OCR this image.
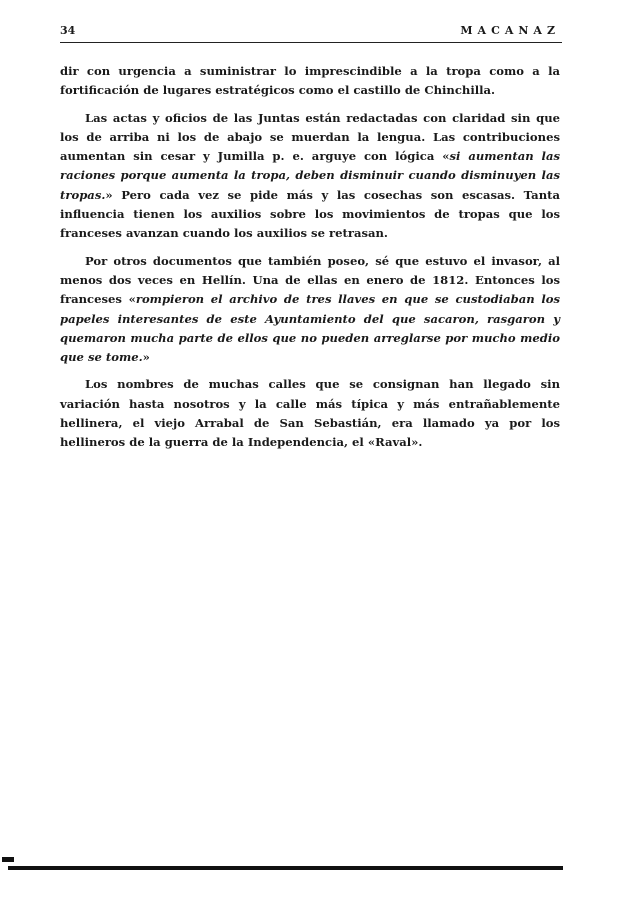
34	MACANAZ

dir con urgencia a suministrar lo imprescindible a la tropa como a la fortificación de lugares estratégicos como el castillo de Chinchilla.

Las actas y oficios de las Juntas están redactadas con claridad sin que los de arriba ni los de abajo se muerdan la lengua. Las contribuciones aumentan sin cesar y Jumilla p. e. arguye con lógica «si aumentan las raciones porque aumenta la tropa, deben disminuir cuando disminuyen las tropas.» Pero cada vez se pide más y las cosechas son escasas. Tanta influencia tienen los auxilios sobre los movimientos de tropas que los franceses avanzan cuando los auxilios se retrasan.

Por otros documentos que también poseo, sé que estuvo el invasor, al menos dos veces en Hellín. Una de ellas en enero de 1812. Entonces los franceses «rompieron el archivo de tres llaves en que se custodiaban los papeles interesantes de este Ayuntamiento del que sacaron, rasgaron y quemaron mucha parte de ellos que no pueden arreglarse por mucho medio que se tome.»

Los nombres de muchas calles que se consignan han llegado sin variación hasta nosotros y la calle más típica y más entrañablemente hellinera, el viejo Arrabal de San Sebastián, era llamado ya por los hellineros de la guerra de la Independencia, el «Raval».
